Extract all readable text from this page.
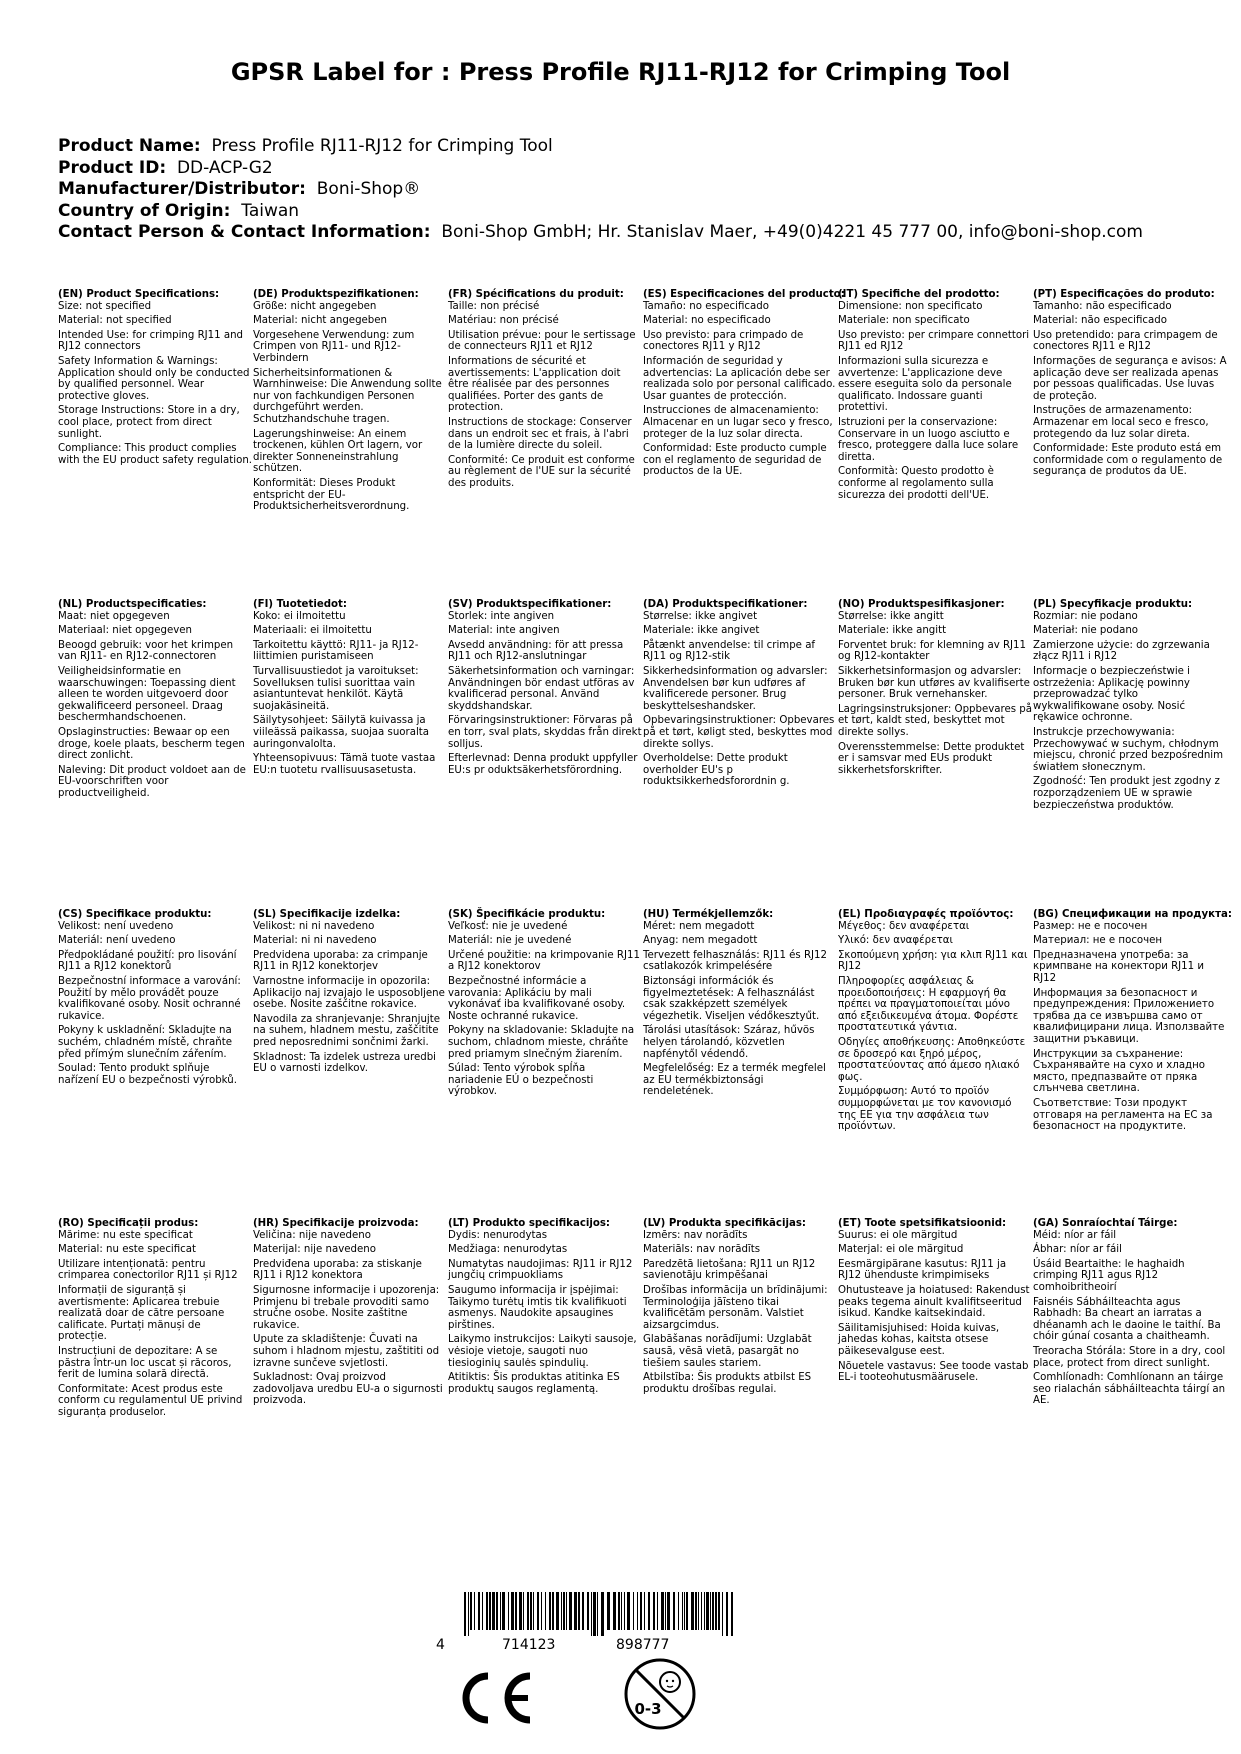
GPSR Label for : Press Profile RJ11-RJ12 for Crimping Tool
Product Name: Press Profile RJ11-RJ12 for Crimping Tool
Product ID: DD-ACP-G2
Manufacturer/Distributor: Boni-Shop®
Country of Origin: Taiwan
Contact Person & Contact Information: Boni-Shop GmbH; Hr. Stanislav Maer, +49(0)4221 45 777 00, info@boni-shop.com
(EN) Product Specifications:

Size: not specified

Material: not specified

Intended Use: for crimping RJ11 and RJ12 connectors

Safety Information & Warnings: Application should only be conducted by qualified personnel. Wear protective gloves.

Storage Instructions: Store in a dry, cool place, protect from direct sunlight.

Compliance: This product complies with the EU product safety regulation.

(DE) Produktspezifikationen:

Größe: nicht angegeben

Material: nicht angegeben

Vorgesehene Verwendung: zum Crimpen von RJ11- und RJ12-Verbindern

Sicherheitsinformationen & Warnhinweise: Die Anwendung sollte nur von fachkundigen Personen durchgeführt werden. Schutzhandschuhe tragen.

Lagerungshinweise: An einem trockenen, kühlen Ort lagern, vor direkter Sonneneinstrahlung schützen.

Konformität: Dieses Produkt entspricht der EU-Produktsicherheitsverordnung.

(FR) Spécifications du produit:

Taille: non précisé

Matériau: non précisé

Utilisation prévue: pour le sertissage de connecteurs RJ11 et RJ12

Informations de sécurité et avertissements: L'application doit être réalisée par des personnes qualifiées. Porter des gants de protection.

Instructions de stockage: Conserver dans un endroit sec et frais, à l'abri de la lumière directe du soleil.

Conformité: Ce produit est conforme au règlement de l'UE sur la sécurité des produits.

(ES) Especificaciones del producto:

Tamaño: no especificado

Material: no especificado

Uso previsto: para crimpado de conectores RJ11 y RJ12

Información de seguridad y advertencias: La aplicación debe ser realizada solo por personal calificado. Usar guantes de protección.

Instrucciones de almacenamiento: Almacenar en un lugar seco y fresco, proteger de la luz solar directa.

Conformidad: Este producto cumple con el reglamento de seguridad de productos de la UE.

(IT) Specifiche del prodotto:

Dimensione: non specificato

Materiale: non specificato

Uso previsto: per crimpare connettori RJ11 ed RJ12

Informazioni sulla sicurezza e avvertenze: L'applicazione deve essere eseguita solo da personale qualificato. Indossare guanti protettivi.

Istruzioni per la conservazione: Conservare in un luogo asciutto e fresco, proteggere dalla luce solare diretta.

Conformità: Questo prodotto è conforme al regolamento sulla sicurezza dei prodotti dell'UE.

(PT) Especificações do produto:

Tamanho: não especificado

Material: não especificado

Uso pretendido: para crimpagem de conectores RJ11 e RJ12

Informações de segurança e avisos: A aplicação deve ser realizada apenas por pessoas qualificadas. Use luvas de proteção.

Instruções de armazenamento: Armazenar em local seco e fresco, protegendo da luz solar direta.

Conformidade: Este produto está em conformidade com o regulamento de segurança de produtos da UE.

(NL) Productspecificaties:

Maat: niet opgegeven

Materiaal: niet opgegeven

Beoogd gebruik: voor het krimpen van RJ11- en RJ12-connectoren

Veiligheidsinformatie en waarschuwingen: Toepassing dient alleen te worden uitgevoerd door gekwalificeerd personeel. Draag beschermhandschoenen.

Opslaginstructies: Bewaar op een droge, koele plaats, bescherm tegen direct zonlicht.

Naleving: Dit product voldoet aan de EU-voorschriften voor productveiligheid.

(FI) Tuotetiedot:

Koko: ei ilmoitettu

Materiaali: ei ilmoitettu

Tarkoitettu käyttö: RJ11- ja RJ12-liittimien puristamiseen

Turvallisuustiedot ja varoitukset: Sovelluksen tulisi suorittaa vain asiantuntevat henkilöt. Käytä suojakäsineitä.

Säilytysohjeet: Säilytä kuivassa ja viileässä paikassa, suojaa suoralta auringonvalolta.

Yhteensopivuus: Tämä tuote vastaa EU:n tuotetu rvallisuusasetusta.

(SV) Produktspecifikationer:

Storlek: inte angiven

Material: inte angiven

Avsedd användning: för att pressa RJ11 och RJ12-anslutningar

Säkerhetsinformation och varningar: Användningen bör endast utföras av kvalificerad personal. Använd skyddshandskar.

Förvaringsinstruktioner: Förvaras på en torr, sval plats, skyddas från direkt solljus.

Efterlevnad: Denna produkt uppfyller EU:s pr oduktsäkerhetsförordning.

(DA) Produktspecifikationer:

Størrelse: ikke angivet

Materiale: ikke angivet

Påtænkt anvendelse: til crimpe af RJ11 og RJ12-stik

Sikkerhedsinformation og advarsler: Anvendelsen bør kun udføres af kvalificerede personer. Brug beskyttelseshandsker.

Opbevaringsinstruktioner: Opbevares på et tørt, køligt sted, beskyttes mod direkte sollys.

Overholdelse: Dette produkt overholder EU's p roduktsikkerhedsforordnin g.

(NO) Produktspesifikasjoner:

Størrelse: ikke angitt

Materiale: ikke angitt

Forventet bruk: for klemning av RJ11 og RJ12-kontakter

Sikkerhetsinformasjon og advarsler: Bruken bør kun utføres av kvalifiserte personer. Bruk vernehansker.

Lagringsinstruksjoner: Oppbevares på et tørt, kaldt sted, beskyttet mot direkte sollys.

Overensstemmelse: Dette produktet er i samsvar med EUs produkt sikkerhetsforskrifter.

(PL) Specyfikacje produktu:

Rozmiar: nie podano

Materiał: nie podano

Zamierzone użycie: do zgrzewania złącz RJ11 i RJ12

Informacje o bezpieczeństwie i ostrzeżenia: Aplikację powinny przeprowadzać tylko wykwalifikowane osoby. Nosić rękawice ochronne.

Instrukcje przechowywania: Przechowywać w suchym, chłodnym miejscu, chronić przed bezpośrednim światłem słonecznym.

Zgodność: Ten produkt jest zgodny z rozporządzeniem UE w sprawie bezpieczeństwa produktów.

(CS) Specifikace produktu:

Velikost: není uvedeno

Materiál: není uvedeno

Předpokládané použití: pro lisování RJ11 a RJ12 konektorů

Bezpečnostní informace a varování: Použití by mělo provádět pouze kvalifikované osoby. Nosit ochranné rukavice.

Pokyny k uskladnění: Skladujte na suchém, chladném místě, chraňte před přímým slunečním zářením.

Soulad: Tento produkt splňuje nařízení EU o bezpečnosti výrobků.

(SL) Specifikacije izdelka:

Velikost: ni ni navedeno

Material: ni ni navedeno

Predvidena uporaba: za crimpanje RJ11 in RJ12 konektorjev

Varnostne informacije in opozorila: Aplikacijo naj izvajajo le usposobljene osebe. Nosite zaščitne rokavice.

Navodila za shranjevanje: Shranjujte na suhem, hladnem mestu, zaščitite pred neposrednimi sončnimi žarki.

Skladnost: Ta izdelek ustreza uredbi EU o varnosti izdelkov.

(SK) Špecifikácie produktu:

Veľkosť: nie je uvedené

Materiál: nie je uvedené

Určené použitie: na krimpovanie RJ11 a RJ12 konektorov

Bezpečnostné informácie a varovania: Aplikáciu by mali vykonávať iba kvalifikované osoby. Noste ochranné rukavice.

Pokyny na skladovanie: Skladujte na suchom, chladnom mieste, chráňte pred priamym slnečným žiarením.

Súlad: Tento výrobok spĺňa nariadenie EÚ o bezpečnosti výrobkov.

(HU) Termékjellemzők:

Méret: nem megadott

Anyag: nem megadott

Tervezett felhasználás: RJ11 és RJ12 csatlakozók krimpelésére

Biztonsági információk és figyelmeztetések: A felhasználást csak szakképzett személyek végezhetik. Viseljen védőkesztyűt.

Tárolási utasítások: Száraz, hűvös helyen tárolandó, közvetlen napfénytől védendő.

Megfelelőség: Ez a termék megfelel az EU termékbiztonsági rendeletének.

(EL) Προδιαγραφές προϊόντος:

Μέγεθος: δεν αναφέρεται

Υλικό: δεν αναφέρεται

Σκοπούμενη χρήση: για κλιπ RJ11 και RJ12

Πληροφορίες ασφάλειας & προειδοποιήσεις: Η εφαρμογή θα πρέπει να πραγματοποιείται μόνο από εξειδικευμένα άτομα. Φορέστε προστατευτικά γάντια.

Οδηγίες αποθήκευσης: Αποθηκεύστε σε δροσερό και ξηρό μέρος, προστατεύοντας από άμεσο ηλιακό φως.

Συμμόρφωση: Αυτό το προϊόν συμμορφώνεται με τον κανονισμό της ΕΕ για την ασφάλεια των προϊόντων.

(BG) Спецификации на продукта:

Размер: не е посочен

Материал: не е посочен

Предназначена употреба: за кримпване на конектори RJ11 и RJ12

Информация за безопасност и предупреждения: Приложението трябва да се извършва само от квалифицирани лица. Използвайте защитни ръкавици.

Инструкции за съхранение: Съхранявайте на сухо и хладно място, предпазвайте от пряка слънчева светлина.

Съответствие: Този продукт отговаря на регламента на ЕС за безопасност на продуктите.

(RO) Specificații produs:

Mărime: nu este specificat

Material: nu este specificat

Utilizare intenționată: pentru crimparea conectorilor RJ11 și RJ12

Informații de siguranță și avertismente: Aplicarea trebuie realizată doar de către persoane calificate. Purtați mănuși de protecție.

Instrucțiuni de depozitare: A se păstra într-un loc uscat și răcoros, ferit de lumina solară directă.

Conformitate: Acest produs este conform cu regulamentul UE privind siguranța produselor.

(HR) Specifikacije proizvoda:

Veličina: nije navedeno

Materijal: nije navedeno

Predviđena uporaba: za stiskanje RJ11 i RJ12 konektora

Sigurnosne informacije i upozorenja: Primjenu bi trebale provoditi samo stručne osobe. Nosite zaštitne rukavice.

Upute za skladištenje: Čuvati na suhom i hladnom mjestu, zaštititi od izravne sunčeve svjetlosti.

Sukladnost: Ovaj proizvod zadovoljava uredbu EU-a o sigurnosti proizvoda.

(LT) Produkto specifikacijos:

Dydis: nenurodytas

Medžiaga: nenurodytas

Numatytas naudojimas: RJ11 ir RJ12 jungčių crimpuokliams

Saugumo informacija ir įspėjimai: Taikymo turėtų imtis tik kvalifikuoti asmenys. Naudokite apsaugines pirštines.

Laikymo instrukcijos: Laikyti sausoje, vėsioje vietoje, saugoti nuo tiesioginių saulės spindulių.

Atitiktis: Šis produktas atitinka ES produktų saugos reglamentą.

(LV) Produkta specifikācijas:

Izmērs: nav norādīts

Materiāls: nav norādīts

Paredzētā lietošana: RJ11 un RJ12 savienotāju krimpēšanai

Drošības informācija un brīdinājumi: Terminoloģija jāīsteno tikai kvalificētām personām. Valstiet aizsargcimdus.

Glabāšanas norādījumi: Uzglabāt sausā, vēsā vietā, pasargāt no tiešiem saules stariem.

Atbilstība: Šis produkts atbilst ES produktu drošības regulai.

(ET) Toote spetsifikatsioonid:

Suurus: ei ole märgitud

Materjal: ei ole märgitud

Eesmärgipärane kasutus: RJ11 ja RJ12 ühenduste krimpimiseks

Ohutusteave ja hoiatused: Rakendust peaks tegema ainult kvalifitseeritud isikud. Kandke kaitsekindaid.

Säilitamisjuhised: Hoida kuivas, jahedas kohas, kaitsta otsese päikesevalguse eest.

Nõuetele vastavus: See toode vastab EL-i tooteohutusmäärusele.

(GA) Sonraíochtaí Táirge:

Méid: níor ar fáil

Ábhar: níor ar fáil

Úsáid Beartaithe: le haghaidh crimping RJ11 agus RJ12 comhoibritheoirí

Faisnéis Sábháilteachta agus Rabhadh: Ba cheart an iarratas a dhéanamh ach le daoine le taithí. Ba chóir gúnaí cosanta a chaitheamh.

Treoracha Stórála: Store in a dry, cool place, protect from direct sunlight.

Comhlíonadh: Comhlíonann an táirge seo rialachán sábháilteachta táirgí an AE.

4	714123	898777
0-3
